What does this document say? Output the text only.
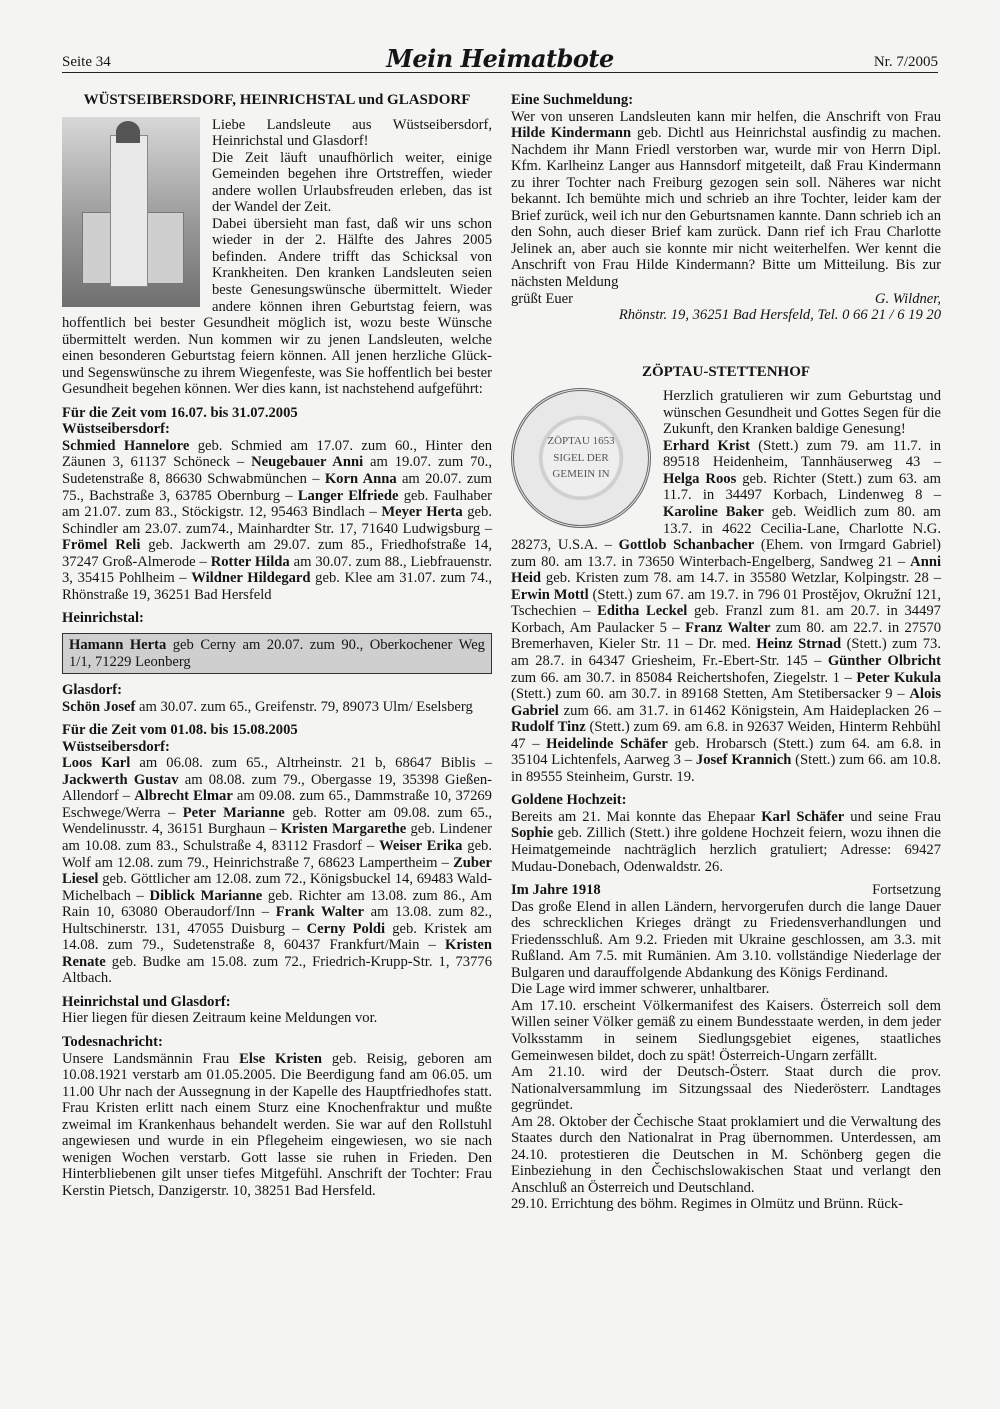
Seite 34	Mein Heimatbote	Nr. 7/2005
WÜSTSEIBERSDORF, HEINRICHSTAL und GLASDORF
Liebe Landsleute aus Wüstseibersdorf, Heinrichstal und Glasdorf!
Die Zeit läuft unaufhörlich weiter, einige Gemeinden begehen ihre Ortstreffen, wieder andere wollen Urlaubsfreuden erleben, das ist der Wandel der Zeit.
Dabei übersieht man fast, daß wir uns schon wieder in der 2. Hälfte des Jahres 2005 befinden. Andere trifft das Schicksal von Krankheiten. Den kranken Landsleuten seien beste Genesungswünsche übermittelt. Wieder andere können ihren Geburtstag feiern, was hoffentlich bei bester Gesundheit möglich ist, wozu beste Wünsche übermittelt werden. Nun kommen wir zu jenen Landsleuten, welche einen besonderen Geburtstag feiern können. All jenen herzliche Glück- und Segenswünsche zu ihrem Wiegenfeste, was Sie hoffentlich bei bester Gesundheit begehen können. Wer dies kann, ist nachstehend aufgeführt:
Für die Zeit vom 16.07. bis 31.07.2005
Wüstseibersdorf:

Schmied Hannelore geb. Schmied am 17.07. zum 60., Hinter den Zäunen 3, 61137 Schöneck – Neugebauer Anni am 19.07. zum 70., Sudetenstraße 8, 86630 Schwabmünchen – Korn Anna am 20.07. zum 75., Bachstraße 3, 63785 Obernburg – Langer Elfriede geb. Faulhaber am 21.07. zum 83., Stöckigstr. 12, 95463 Bindlach – Meyer Herta geb. Schindler am 23.07. zum74., Mainhardter Str. 17, 71640 Ludwigsburg – Frömel Reli geb. Jackwerth am 29.07. zum 85., Friedhofstraße 14, 37247 Groß-Almerode – Rotter Hilda am 30.07. zum 88., Liebfrauenstr. 3, 35415 Pohlheim – Wildner Hildegard geb. Klee am 31.07. zum 74., Rhönstraße 19, 36251 Bad Hersfeld

Heinrichstal:
Hamann Herta geb Cerny am 20.07. zum 90., Oberkochener Weg 1/1, 71229 Leonberg
Glasdorf:

Schön Josef am 30.07. zum 65., Greifenstr. 79, 89073 Ulm/ Eselsberg

Für die Zeit vom 01.08. bis 15.08.2005
Wüstseibersdorf:

Loos Karl am 06.08. zum 65., Altrheinstr. 21 b, 68647 Biblis – Jackwerth Gustav am 08.08. zum 79., Obergasse 19, 35398 Gießen-Allendorf – Albrecht Elmar am 09.08. zum 65., Dammstraße 10, 37269 Eschwege/Werra – Peter Marianne geb. Rotter am 09.08. zum 65., Wendelinusstr. 4, 36151 Burghaun – Kristen Margarethe geb. Lindener am 10.08. zum 83., Schulstraße 4, 83112 Frasdorf – Weiser Erika geb. Wolf am 12.08. zum 79., Heinrichstraße 7, 68623 Lampertheim – Zuber Liesel geb. Göttlicher am 12.08. zum 72., Königsbuckel 14, 69483 Wald-Michelbach – Diblick Marianne geb. Richter am 13.08. zum 86., Am Rain 10, 63080 Oberaudorf/Inn – Frank Walter am 13.08. zum 82., Hultschinerstr. 131, 47055 Duisburg – Cerny Poldi geb. Kristek am 14.08. zum 79., Sudetenstraße 8, 60437 Frankfurt/Main – Kristen Renate geb. Budke am 15.08. zum 72., Friedrich-Krupp-Str. 1, 73776 Altbach.

Heinrichstal und Glasdorf:

Hier liegen für diesen Zeitraum keine Meldungen vor.

Todesnachricht:

Unsere Landsmännin Frau Else Kristen geb. Reisig, geboren am 10.08.1921 verstarb am 01.05.2005. Die Beerdigung fand am 06.05. um 11.00 Uhr nach der Aussegnung in der Kapelle des Hauptfriedhofes statt. Frau Kristen erlitt nach einem Sturz eine Knochenfraktur und mußte zweimal im Krankenhaus behandelt werden. Sie war auf den Rollstuhl angewiesen und wurde in ein Pflegeheim eingewiesen, wo sie nach wenigen Wochen verstarb. Gott lasse sie ruhen in Frieden. Den Hinterbliebenen gilt unser tiefes Mitgefühl. Anschrift der Tochter: Frau Kerstin Pietsch, Danzigerstr. 10, 38251 Bad Hersfeld.

Eine Suchmeldung:
Wer von unseren Landsleuten kann mir helfen, die Anschrift von Frau Hilde Kindermann geb. Dichtl aus Heinrichstal ausfindig zu machen. Nachdem ihr Mann Friedl verstorben war, wurde mir von Herrn Dipl. Kfm. Karlheinz Langer aus Hannsdorf mitgeteilt, daß Frau Kindermann zu ihrer Tochter nach Freiburg gezogen sein soll. Näheres war nicht bekannt. Ich bemühte mich und schrieb an ihre Tochter, leider kam der Brief zurück, weil ich nur den Geburtsnamen kannte. Dann schrieb ich an den Sohn, auch dieser Brief kam zurück. Dann rief ich Frau Charlotte Jelinek an, aber auch sie konnte mir nicht weiterhelfen. Wer kennt die Anschrift von Frau Hilde Kindermann? Bitte um Mitteilung. Bis zur nächsten Meldung
grüßt Euer	G. Wildner,
Rhönstr. 19, 36251 Bad Hersfeld, Tel. 0 66 21 / 6 19 20
ZÖPTAU-STETTENHOF
ZÖPTAU 1653 SIGEL DER GEMEIN IN
Herzlich gratulieren wir zum Geburtstag und wünschen Gesundheit und Gottes Segen für die Zukunft, den Kranken baldige Genesung!

Erhard Krist (Stett.) zum 79. am 11.7. in 89518 Heidenheim, Tannhäuserweg 43 – Helga Roos geb. Richter (Stett.) zum 63. am 11.7. in 34497 Korbach, Lindenweg 8 – Karoline Baker geb. Weidlich zum 80. am 13.7. in 4622 Cecilia-Lane, Charlotte N.G. 28273, U.S.A. – Gottlob Schanbacher (Ehem. von Irmgard Gabriel) zum 80. am 13.7. in 73650 Winterbach-Engelberg, Sandweg 21 – Anni Heid geb. Kristen zum 78. am 14.7. in 35580 Wetzlar, Kolpingstr. 28 – Erwin Mottl (Stett.) zum 67. am 19.7. in 796 01 Prostějov, Okružní 121, Tschechien – Editha Leckel geb. Franzl zum 81. am 20.7. in 34497 Korbach, Am Paulacker 5 – Franz Walter zum 80. am 22.7. in 27570 Bremerhaven, Kieler Str. 11 – Dr. med. Heinz Strnad (Stett.) zum 73. am 28.7. in 64347 Griesheim, Fr.-Ebert-Str. 145 – Günther Olbricht zum 66. am 30.7. in 85084 Reichertshofen, Ziegelstr. 1 – Peter Kukula (Stett.) zum 60. am 30.7. in 89168 Stetten, Am Stetibersacker 9 – Alois Gabriel zum 66. am 31.7. in 61462 Königstein, Am Haideplacken 26 – Rudolf Tinz (Stett.) zum 69. am 6.8. in 92637 Weiden, Hinterm Rehbühl 47 – Heidelinde Schäfer geb. Hrobarsch (Stett.) zum 64. am 6.8. in 35104 Lichtenfels, Aarweg 3 – Josef Krannich (Stett.) zum 66. am 10.8. in 89555 Steinheim, Gurstr. 19.

Goldene Hochzeit:

Bereits am 21. Mai konnte das Ehepaar Karl Schäfer und seine Frau Sophie geb. Zillich (Stett.) ihre goldene Hochzeit feiern, wozu ihnen die Heimatgemeinde nachträglich herzlich gratuliert; Adresse: 69427 Mudau-Donebach, Odenwaldstr. 26.

Im Jahre 1918	Fortsetzung
Das große Elend in allen Ländern, hervorgerufen durch die lange Dauer des schrecklichen Krieges drängt zu Friedensverhandlungen und Friedensschluß. Am 9.2. Frieden mit Ukraine geschlossen, am 3.3. mit Rußland. Am 7.5. mit Rumänien. Am 3.10. vollständige Niederlage der Bulgaren und darauffolgende Abdankung des Königs Ferdinand.
Die Lage wird immer schwerer, unhaltbarer.
Am 17.10. erscheint Völkermanifest des Kaisers. Österreich soll dem Willen seiner Völker gemäß zu einem Bundesstaate werden, in dem jeder Volksstamm in seinem Siedlungsgebiet eigenes, staatliches Gemeinwesen bildet, doch zu spät! Österreich-Ungarn zerfällt.
Am 21.10. wird der Deutsch-Österr. Staat durch die prov. Nationalversammlung im Sitzungssaal des Niederösterr. Landtages gegründet.
Am 28. Oktober der Čechische Staat proklamiert und die Verwaltung des Staates durch den Nationalrat in Prag übernommen. Unterdessen, am 24.10. protestieren die Deutschen in M. Schönberg gegen die Einbeziehung in den Čechischslowakischen Staat und verlangt den Anschluß an Österreich und Deutschland.
29.10. Errichtung des böhm. Regimes in Olmütz und Brünn. Rück-
